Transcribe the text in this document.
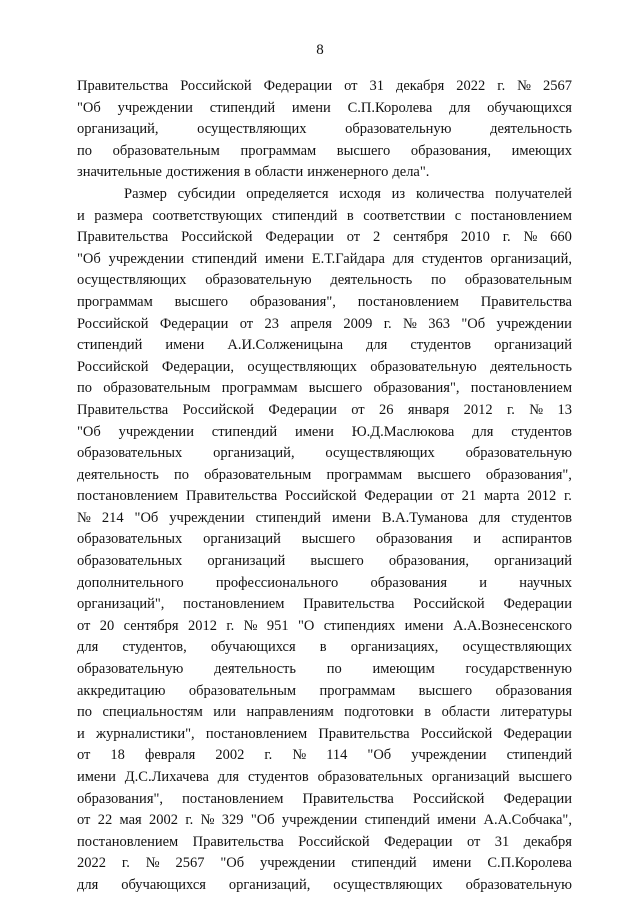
8
Правительства Российской Федерации от 31 декабря 2022 г. № 2567
"Об учреждении стипендий имени С.П.Королева для обучающихся
организаций,	осуществляющих	образовательную	деятельность
по образовательным программам высшего образования, имеющих
значительные достижения в области инженерного дела".
Размер субсидии определяется исходя из количества получателей
и размера соответствующих стипендий в соответствии с постановлением
Правительства Российской Федерации от 2 сентября 2010 г. № 660
"Об учреждении стипендий имени Е.Т.Гайдара для студентов организаций,
осуществляющих образовательную деятельность по образовательным
программам высшего образования", постановлением Правительства
Российской Федерации от 23 апреля 2009 г. № 363 "Об учреждении
стипендий имени А.И.Солженицына для студентов организаций
Российской Федерации, осуществляющих образовательную деятельность
по образовательным программам высшего образования", постановлением
Правительства Российской Федерации от 26 января 2012 г. № 13
"Об учреждении стипендий имени Ю.Д.Маслюкова для студентов
образовательных организаций, осуществляющих образовательную
деятельность по образовательным программам высшего образования",
постановлением Правительства Российской Федерации от 21 марта 2012 г.
№ 214 "Об учреждении стипендий имени В.А.Туманова для студентов
образовательных организаций высшего образования и аспирантов
образовательных организаций высшего образования, организаций
дополнительного профессионального образования и научных
организаций", постановлением Правительства Российской Федерации
от 20 сентября 2012 г. № 951 "О стипендиях имени А.А.Вознесенского
для студентов, обучающихся в организациях, осуществляющих
образовательную деятельность по имеющим государственную
аккредитацию образовательным программам высшего образования
по специальностям или направлениям подготовки в области литературы
и журналистики", постановлением Правительства Российской Федерации
от 18 февраля 2002 г. № 114 "Об учреждении стипендий
имени Д.С.Лихачева для студентов образовательных организаций высшего
образования", постановлением Правительства Российской Федерации
от 22 мая 2002 г. № 329 "Об учреждении стипендий имени А.А.Собчака",
постановлением Правительства Российской Федерации от 31 декабря
2022 г. № 2567 "Об учреждении стипендий имени С.П.Королева
для обучающихся организаций, осуществляющих образовательную
